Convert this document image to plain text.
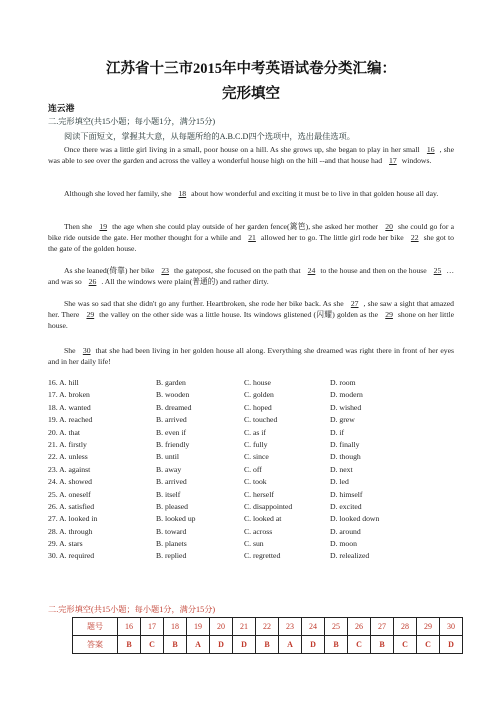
江苏省十三市2015年中考英语试卷分类汇编：
完形填空
连云港
二.完形填空(共15小题；每小题1分，满分15分)
阅读下面短文，掌握其大意，从每题所给的A.B.C.D四个选项中，选出最佳选项。
Once there was a little girl living in a small, poor house on a hill. As she grows up, she began to play in her small 16 , she was able to see over the garden and across the valley a wonderful house high on the hill --and that house had 17 windows.
Although she loved her family, she 18 about how wonderful and exciting it must be to live in that golden house all day.
Then she 19 the age when she could play outside of her garden fence(篱笆), she asked her mother 20 she could go for a bike ride outside the gate. Her mother thought for a while and 21 allowed her to go. The little girl rode her bike 22 she got to the gate of the golden house.
As she leaned(倚靠) her bike 23 the gatepost, she focused on the path that 24 to the house and then on the house 25 …and was so 26 . All the windows were plain(普通的) and rather dirty.
She was so sad that she didn't go any further. Heartbroken, she rode her bike back. As she 27 , she saw a sight that amazed her. There 29 the valley on the other side was a little house. Its windows glistened (闪耀) golden as the 29 shone on her little house.
She 30 that she had been living in her golden house all along. Everything she dreamed was right there in front of her eyes and in her daily life!
16. A. hill	B. garden	C. house	D. room
17. A. broken	B. wooden	C. golden	D. modern
18. A. wanted	B. dreamed	C. hoped	D. wished
19. A. reached	B. arrived	C. touched	D. grew
20. A. that	B. even if	C. as if	D. if
21. A. firstly	B. friendly	C. fully	D. finally
22. A. unless	B. until	C. since	D. though
23. A. against	B. away	C. off	D. next
24. A. showed	B. arrived	C. took	D. led
25. A. oneself	B. itself	C. herself	D. himself
26. A. satisfied	B. pleased	C. disappointed	D. excited
27. A. looked in	B. looked up	C. looked at	D. looked down
28. A. through	B. toward	C. across	D. around
29. A. stars	B. planets	C. sun	D. moon
30. A. required	B. replied	C. regretted	D. relealized
二.完形填空(共15小题；每小题1分，满分15分)
题号	16	17	18	19	20	21	22	23	24	25	26	27	28	29	30
答案	B	C	B	A	D	D	B	A	D	B	C	B	C	C	D
